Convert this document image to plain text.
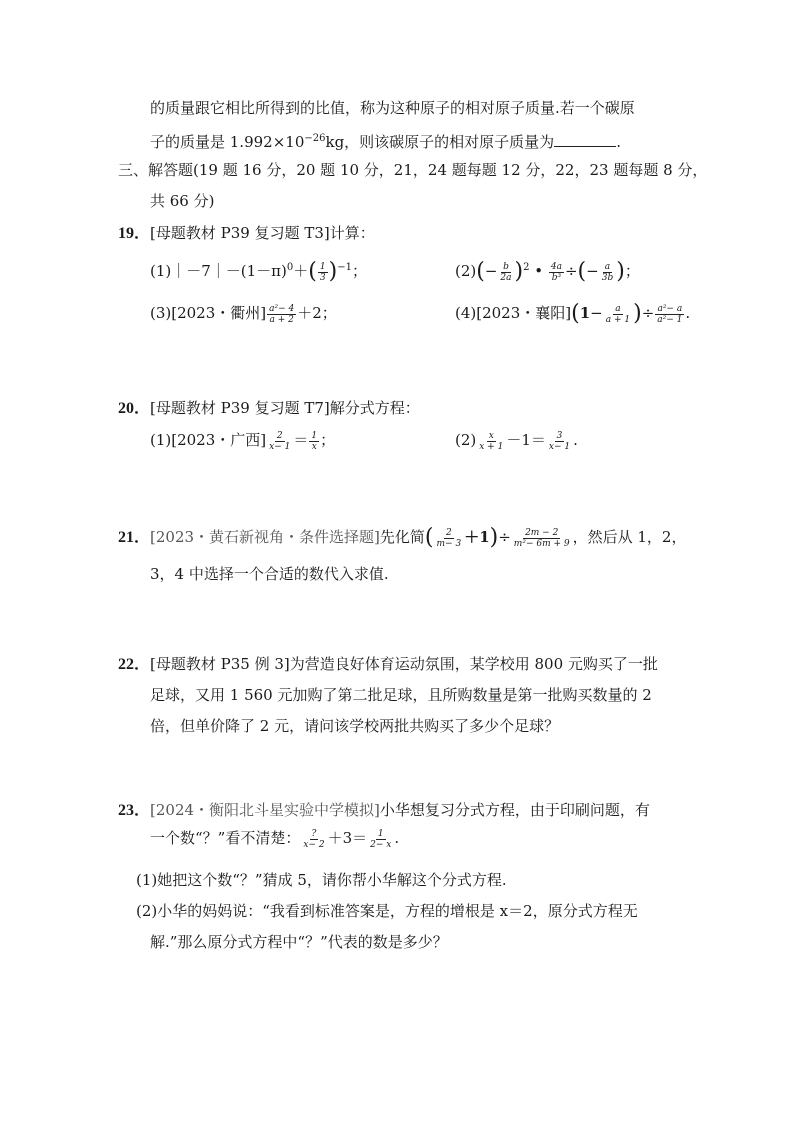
的质量跟它相比所得到的比值，称为这种原子的相对原子质量.若一个碳原
子的质量是 $1.992\times 10^{-26}kg$，则该碳原子的相对原子质量为	.
三、解答题(19 题 16 分，20 题 10 分，21，24 题每题 12 分，22，23 题每题 8 分，
共 66 分)
19．[母题教材 P39 复习题 T3]计算：
$(1)|-7|-(1-\pi)^0+( \frac{1}{3} )^{-1}$；	$(2)(- \frac{b}{2a} )^2$ • $\frac{4a}{\text{b³}}$ ÷(− $\frac{a}{3b}$ )；
(3)[2023・衢州] $\frac{\text{a²− 4}}{a + 2} +2$；	(4)[2023・襄阳]($1- \frac{a}{a + 1}$ )÷ $\frac{\text{a²− a}}{\text{a²− 1}}$ .
20．[母题教材 P39 复习题 T7]解分式方程：
(1)[2023・广西] $\frac{2}{x- 1} = \frac{1}{x}$ ；	$(2) \frac{x}{x + 1} -1= \frac{3}{x- 1}$ .
21．[2023・黄石新视角・条件选择题]先化简( $\frac{2}{m- 3} +1)\div \frac{2m - 2}{\text{m²− 6m + 9}}$ ，然后从 1，2，
3，4 中选择一个合适的数代入求值.
22．[母题教材 P35 例 3]为营造良好体育运动氛围，某学校用 800 元购买了一批
足球，又用 1 560 元加购了第二批足球，且所购数量是第一批购买数量的 2
倍，但单价降了 2 元，请问该学校两批共购买了多少个足球？
23．[2024・衡阳北斗星实验中学模拟]小华想复习分式方程，由于印刷问题，有
一个数“？”看不清楚： $\frac{?}{x- 2} +3= \frac{1}{2- x}$ .
(1)她把这个数“？”猜成 5，请你帮小华解这个分式方程.
(2)小华的妈妈说：“我看到标准答案是，方程的增根是 x＝2，原分式方程无
解.”那么原分式方程中“？”代表的数是多少？
